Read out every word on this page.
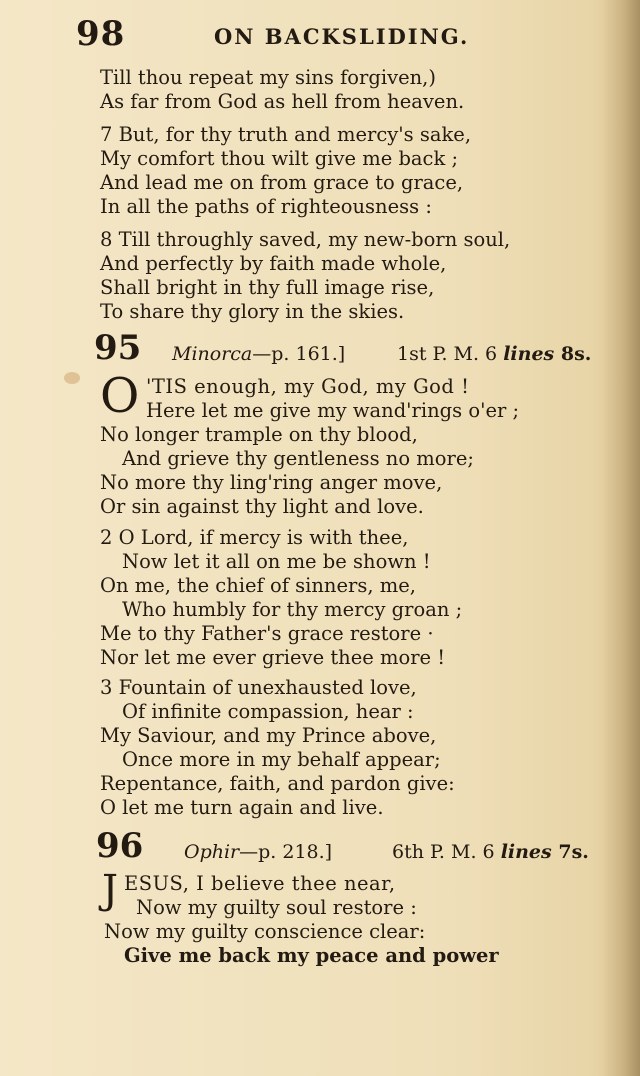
98	ON BACKSLIDING.
Till thou repeat my sins forgiven,)
As far from God as hell from heaven.
7 But, for thy truth and mercy's sake,
My comfort thou wilt give me back ;
And lead me on from grace to grace,
In all the paths of righteousness :
8 Till throughly saved, my new-born soul,
And perfectly by faith made whole,
Shall bright in thy full image rise,
To share thy glory in the skies.
95 Minorca—p. 161.]	1st P. M. 6 lines 8s.
O 'TIS enough, my God, my God !
Here let me give my wand'rings o'er ;
No longer trample on thy blood,
And grieve thy gentleness no more;
No more thy ling'ring anger move,
Or sin against thy light and love.
2 O Lord, if mercy is with thee,
Now let it all on me be shown !
On me, the chief of sinners, me,
Who humbly for thy mercy groan ;
Me to thy Father's grace restore ·
Nor let me ever grieve thee more !
3 Fountain of unexhausted love,
Of infinite compassion, hear :
My Saviour, and my Prince above,
Once more in my behalf appear;
Repentance, faith, and pardon give:
O let me turn again and live.
96 Ophir—p. 218.]	6th P. M. 6 lines 7s.
J ESUS, I believe thee near,
Now my guilty soul restore :
Now my guilty conscience clear:
Give me back my peace and power
